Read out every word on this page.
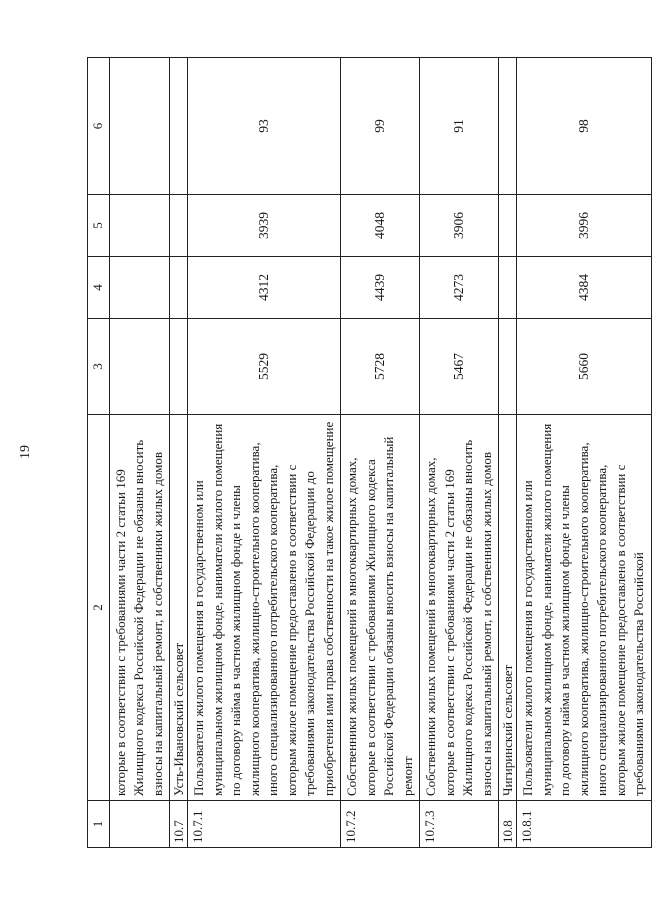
19
1	2	3	4	5	6
	которые в соответствии с требованиями части 2 статьи 169 Жилищного кодекса Российской Федерации не обязаны вносить взносы на капитальный ремонт, и собственники жилых домов				
10.7	Усть-Ивановский сельсовет				
10.7.1	Пользователи жилого помещения в государственном или муниципальном жилищном фонде, наниматели жилого помещения по договору найма в частном жилищном фонде и члены жилищного кооператива, жилищно-строительного кооператива, иного специализированного потребительского кооператива, которым жилое помещение предоставлено в соответствии с требованиями законодательства Российской Федерации до приобретения ими права собственности на такое жилое помещение	5529	4312	3939	93
10.7.2	Собственники жилых помещений в многоквартирных домах, которые в соответствии с требованиями Жилищного кодекса Российской Федерации обязаны вносить взносы на капитальный ремонт	5728	4439	4048	99
10.7.3	Собственники жилых помещений в многоквартирных домах, которые в соответствии с требованиями части 2 статьи 169 Жилищного кодекса Российской Федерации не обязаны вносить взносы на капитальный ремонт, и собственники жилых домов	5467	4273	3906	91
10.8	Чигиринский сельсовет				
10.8.1	Пользователи жилого помещения в государственном или муниципальном жилищном фонде, наниматели жилого помещения по договору найма в частном жилищном фонде и члены жилищного кооператива, жилищно-строительного кооператива, иного специализированного потребительского кооператива, которым жилое помещение предоставлено в соответствии с требованиями законодательства Российской	5660	4384	3996	98
